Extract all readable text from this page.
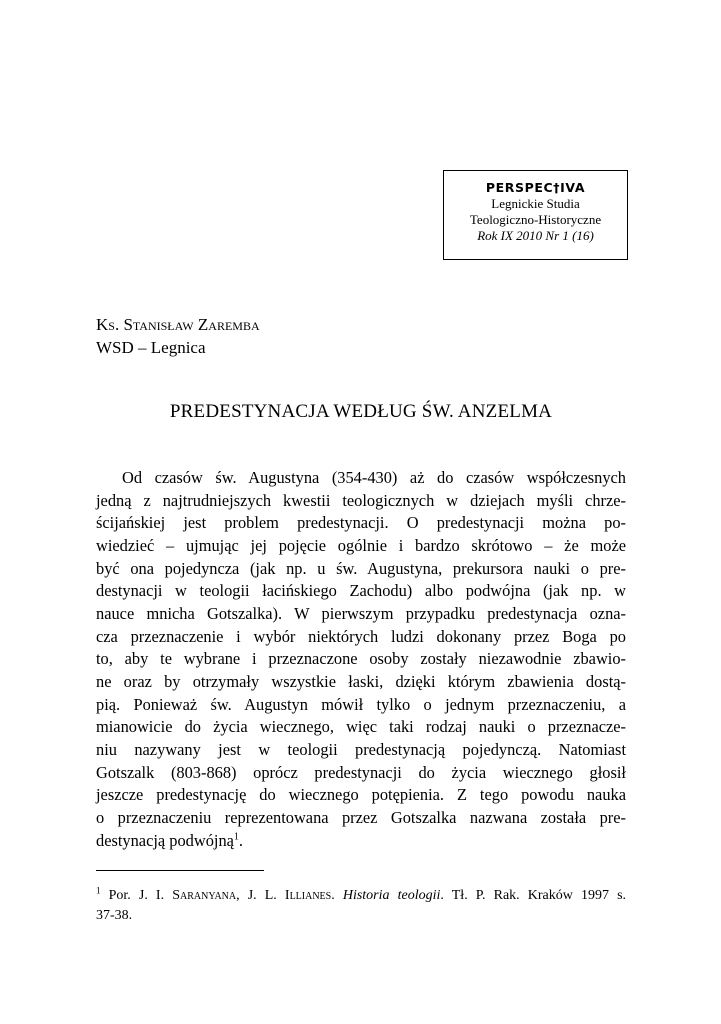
PERSPEC†IVA
Legnickie Studia
Teologiczno-Historyczne
Rok IX 2010 Nr 1 (16)
Ks. Stanisław Zaremba
WSD – Legnica
PREDESTYNACJA WEDŁUG ŚW. ANZELMA
Od czasów św. Augustyna (354-430) aż do czasów współczesnych
jedną z najtrudniejszych kwestii teologicznych w dziejach myśli chrze-
ścijańskiej jest problem predestynacji. O predestynacji można po-
wiedzieć – ujmując jej pojęcie ogólnie i bardzo skrótowo – że może
być ona pojedyncza (jak np. u św. Augustyna, prekursora nauki o pre-
destynacji w teologii łacińskiego Zachodu) albo podwójna (jak np. w
nauce mnicha Gotszalka). W pierwszym przypadku predestynacja ozna-
cza przeznaczenie i wybór niektórych ludzi dokonany przez Boga po
to, aby te wybrane i przeznaczone osoby zostały niezawodnie zbawio-
ne oraz by otrzymały wszystkie łaski, dzięki którym zbawienia dostą-
pią. Ponieważ św. Augustyn mówił tylko o jednym przeznaczeniu, a
mianowicie do życia wiecznego, więc taki rodzaj nauki o przeznacze-
niu nazywany jest w teologii predestynacją pojedynczą. Natomiast
Gotszalk (803-868) oprócz predestynacji do życia wiecznego głosił
jeszcze predestynację do wiecznego potępienia. Z tego powodu nauka
o przeznaczeniu reprezentowana przez Gotszalka nazwana została pre-
destynacją podwójną$^1$.
$^1$ Por. J. I. Saranyana, J. L. Illianes. Historia teologii. Tł. P. Rak. Kraków 1997 s.
37-38.
